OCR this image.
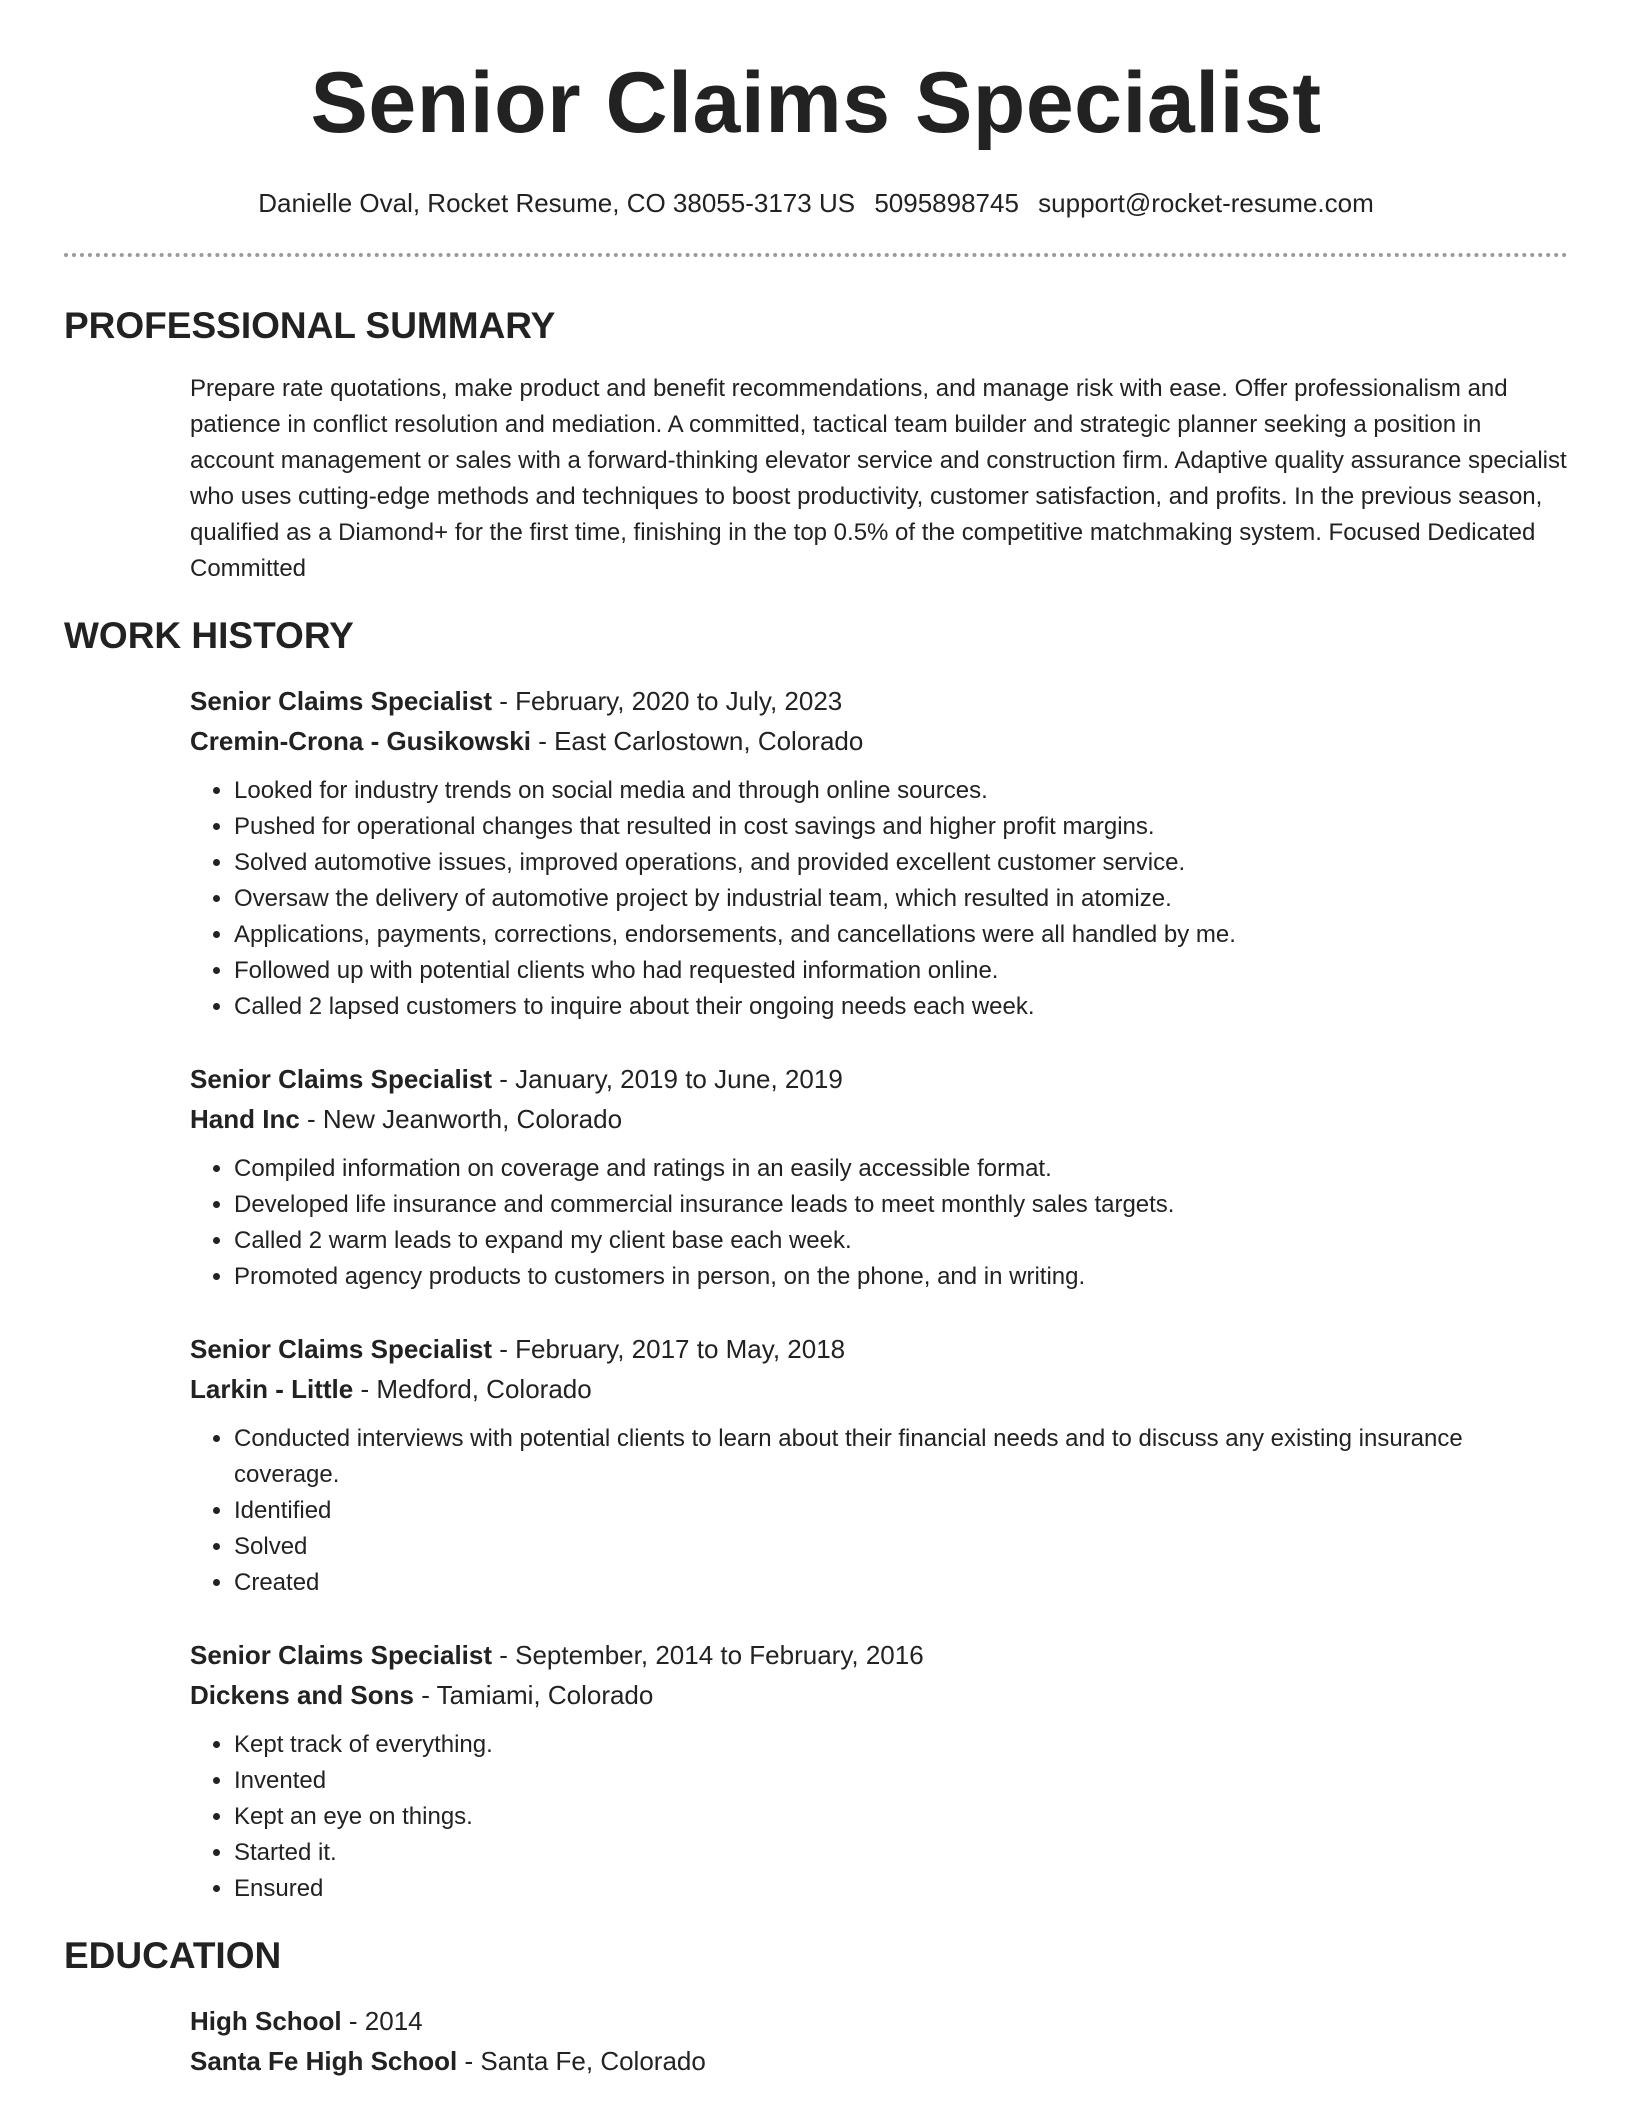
Senior Claims Specialist
Danielle Oval, Rocket Resume, CO 38055-3173 US 5095898745 support@rocket-resume.com
PROFESSIONAL SUMMARY
Prepare rate quotations, make product and benefit recommendations, and manage risk with ease. Offer professionalism and patience in conflict resolution and mediation. A committed, tactical team builder and strategic planner seeking a position in account management or sales with a forward-thinking elevator service and construction firm. Adaptive quality assurance specialist who uses cutting-edge methods and techniques to boost productivity, customer satisfaction, and profits. In the previous season, qualified as a Diamond+ for the first time, finishing in the top 0.5% of the competitive matchmaking system. Focused Dedicated Committed
WORK HISTORY
Senior Claims Specialist - February, 2020 to July, 2023
Cremin-Crona - Gusikowski - East Carlostown, Colorado
• Looked for industry trends on social media and through online sources.
• Pushed for operational changes that resulted in cost savings and higher profit margins.
• Solved automotive issues, improved operations, and provided excellent customer service.
• Oversaw the delivery of automotive project by industrial team, which resulted in atomize.
• Applications, payments, corrections, endorsements, and cancellations were all handled by me.
• Followed up with potential clients who had requested information online.
• Called 2 lapsed customers to inquire about their ongoing needs each week.
Senior Claims Specialist - January, 2019 to June, 2019
Hand Inc - New Jeanworth, Colorado
• Compiled information on coverage and ratings in an easily accessible format.
• Developed life insurance and commercial insurance leads to meet monthly sales targets.
• Called 2 warm leads to expand my client base each week.
• Promoted agency products to customers in person, on the phone, and in writing.
Senior Claims Specialist - February, 2017 to May, 2018
Larkin - Little - Medford, Colorado
• Conducted interviews with potential clients to learn about their financial needs and to discuss any existing insurance coverage.
• Identified
• Solved
• Created
Senior Claims Specialist - September, 2014 to February, 2016
Dickens and Sons - Tamiami, Colorado
• Kept track of everything.
• Invented
• Kept an eye on things.
• Started it.
• Ensured
EDUCATION
High School - 2014
Santa Fe High School - Santa Fe, Colorado
